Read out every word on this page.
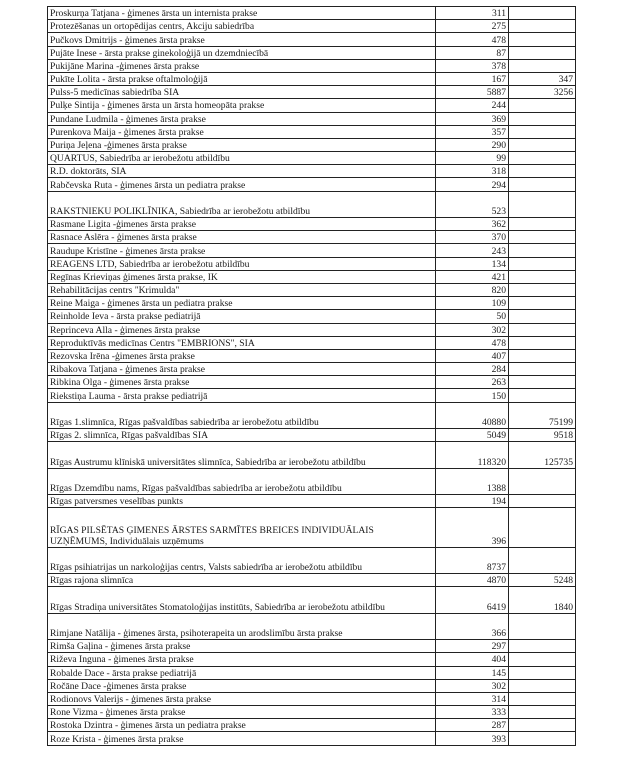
Proskurņa Tatjana - ģimenes ārsta un internista prakse	311	
Protezēšanas un ortopēdijas centrs, Akciju sabiedrība	275	
Pučkovs Dmitrijs - ģimenes ārsta prakse	478	
Pujāte Inese - ārsta prakse ginekoloģijā un dzemdniecībā	87	
Pukijāne Marina -ģimenes ārsta prakse	378	
Pukīte Lolita - ārsta prakse oftalmoloģijā	167	347
Pulss-5 medicīnas sabiedrība SIA	5887	3256
Pulķe Sintija - ģimenes ārsta un ārsta homeopāta prakse	244	
Pundane Ludmila - ģimenes ārsta prakse	369	
Purenkova Maija - ģimenes ārsta prakse	357	
Puriņa Jeļena -ģimenes ārsta prakse	290	
QUARTUS, Sabiedrība ar ierobežotu atbildību	99	
R.D. doktorāts, SIA	318	
Rabčevska Ruta - ģimenes ārsta un pediatra prakse	294	
RAKSTNIEKU POLIKLĪNIKA, Sabiedrība ar ierobežotu atbildību	523	
Rasmane Ligita -ģimenes ārsta prakse	362	
Rasnace Aslēra - ģimenes ārsta prakse	370	
Raudupe Kristīne - ģimenes ārsta prakse	243	
REAGENS LTD, Sabiedrība ar ierobežotu atbildību	134	
Regīnas Krieviņas ģimenes ārsta prakse, IK	421	
Rehabilitācijas centrs "Krimulda"	820	
Reine Maiga - ģimenes ārsta un pediatra prakse	109	
Reinholde Ieva - ārsta prakse pediatrijā	50	
Reprinceva Alla - ģimenes ārsta prakse	302	
Reproduktīvās medicīnas Centrs "EMBRIONS", SIA	478	
Rezovska Irēna -ģimenes ārsta prakse	407	
Ribakova Tatjana - ģimenes ārsta prakse	284	
Ribkina Olga - ģimenes ārsta prakse	263	
Riekstiņa Lauma - ārsta prakse pediatrijā	150	
Rīgas 1.slimnīca, Rīgas pašvaldības sabiedrība ar ierobežotu atbildību	40880	75199
Rīgas 2. slimnīca, Rīgas pašvaldības SIA	5049	9518
Rīgas Austrumu klīniskā universitātes slimnīca, Sabiedrība ar ierobežotu atbildību	118320	125735
Rīgas Dzemdību nams, Rīgas pašvaldības sabiedrība ar ierobežotu atbildību	1388	
Rīgas patversmes veselības punkts	194	
RĪGAS PILSĒTAS ĢIMENES ĀRSTES SARMĪTES BREICES INDIVIDUĀLAIS UZŅĒMUMS, Individuālais uzņēmums	396	
Rīgas psihiatrijas un narkoloģijas centrs, Valsts sabiedrība ar ierobežotu atbildību	8737	
Rīgas rajona slimnīca	4870	5248
Rīgas Stradiņa universitātes Stomatoloģijas institūts, Sabiedrība ar ierobežotu atbildību	6419	1840
Rimjane Natālija - ģimenes ārsta, psihoterapeita un arodslimību ārsta prakse	366	
Rimša Gaļina - ģimenes ārsta prakse	297	
Riževa Inguna - ģimenes ārsta prakse	404	
Robalde Dace - ārsta prakse pediatrijā	145	
Ročāne Dace -ģimenes ārsta prakse	302	
Rodionovs Valerijs - ģimenes ārsta prakse	314	
Rone Vizma - ģimenes ārsta prakse	333	
Rostoka Dzintra - ģimenes ārsta un pediatra prakse	287	
Roze Krista - ģimenes ārsta prakse	393	
